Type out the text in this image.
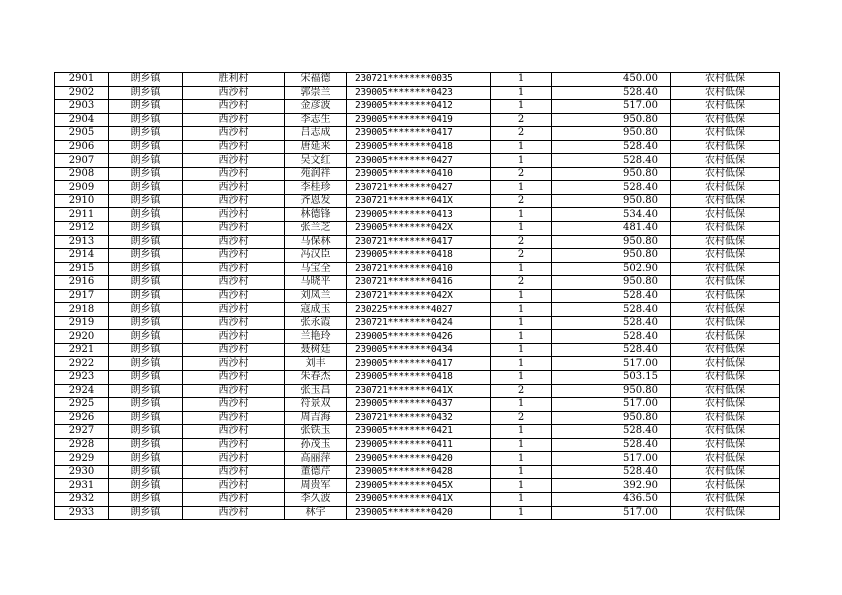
2901	朗乡镇	胜利村	宋福德	230721********0035	1	450.00	农村低保
2902	朗乡镇	西沙村	郭崇兰	239005********0423	1	528.40	农村低保
2903	朗乡镇	西沙村	金彦波	239005********0412	1	517.00	农村低保
2904	朗乡镇	西沙村	李志生	239005********0419	2	950.80	农村低保
2905	朗乡镇	西沙村	吕志成	239005********0417	2	950.80	农村低保
2906	朗乡镇	西沙村	唐延来	239005********0418	1	528.40	农村低保
2907	朗乡镇	西沙村	吴文红	239005********0427	1	528.40	农村低保
2908	朗乡镇	西沙村	苑润祥	239005********0410	2	950.80	农村低保
2909	朗乡镇	西沙村	李桂珍	230721********0427	1	528.40	农村低保
2910	朗乡镇	西沙村	齐恩发	230721********041X	2	950.80	农村低保
2911	朗乡镇	西沙村	林德锋	239005********0413	1	534.40	农村低保
2912	朗乡镇	西沙村	张兰芝	239005********042X	1	481.40	农村低保
2913	朗乡镇	西沙村	马保林	230721********0417	2	950.80	农村低保
2914	朗乡镇	西沙村	冯汉臣	239005********0418	2	950.80	农村低保
2915	朗乡镇	西沙村	马宝全	230721********0410	1	502.90	农村低保
2916	朗乡镇	西沙村	马晓平	230721********0416	2	950.80	农村低保
2917	朗乡镇	西沙村	刘凤兰	230721********042X	1	528.40	农村低保
2918	朗乡镇	西沙村	寇成玉	230225********4027	1	528.40	农村低保
2919	朗乡镇	西沙村	张永霞	230721********0424	1	528.40	农村低保
2920	朗乡镇	西沙村	兰艳玲	239005********0426	1	528.40	农村低保
2921	朗乡镇	西沙村	聂树廷	239005********0434	1	528.40	农村低保
2922	朗乡镇	西沙村	刘丰	239005********0417	1	517.00	农村低保
2923	朗乡镇	西沙村	朱春杰	239005********0418	1	503.15	农村低保
2924	朗乡镇	西沙村	张玉昌	230721********041X	2	950.80	农村低保
2925	朗乡镇	西沙村	符景双	239005********0437	1	517.00	农村低保
2926	朗乡镇	西沙村	周吉海	230721********0432	2	950.80	农村低保
2927	朗乡镇	西沙村	张铁玉	239005********0421	1	528.40	农村低保
2928	朗乡镇	西沙村	孙茂玉	239005********0411	1	528.40	农村低保
2929	朗乡镇	西沙村	高丽萍	239005********0420	1	517.00	农村低保
2930	朗乡镇	西沙村	董德芹	239005********0428	1	528.40	农村低保
2931	朗乡镇	西沙村	周贵军	239005********045X	1	392.90	农村低保
2932	朗乡镇	西沙村	李久波	239005********041X	1	436.50	农村低保
2933	朗乡镇	西沙村	林宇	239005********0420	1	517.00	农村低保
